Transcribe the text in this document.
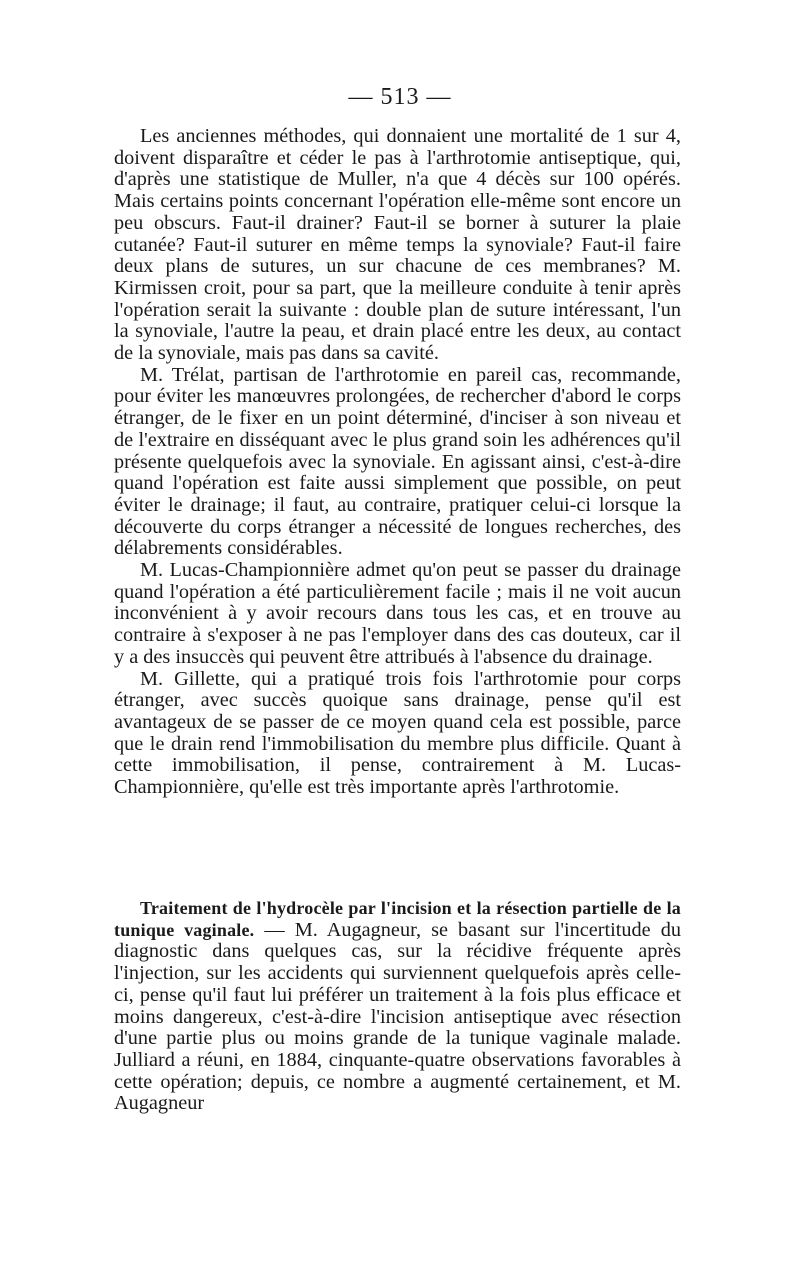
— 513 —

Les anciennes méthodes, qui donnaient une mortalité de 1 sur 4, doivent disparaître et céder le pas à l'arthrotomie antiseptique, qui, d'après une statistique de Muller, n'a que 4 décès sur 100 opérés. Mais certains points concernant l'opération elle-même sont encore un peu obscurs. Faut-il drainer? Faut-il se borner à suturer la plaie cutanée? Faut-il suturer en même temps la synoviale? Faut-il faire deux plans de sutures, un sur chacune de ces membranes? M. Kirmissen croit, pour sa part, que la meilleure conduite à tenir après l'opération serait la suivante : double plan de suture intéressant, l'un la synoviale, l'autre la peau, et drain placé entre les deux, au contact de la synoviale, mais pas dans sa cavité.

M. Trélat, partisan de l'arthrotomie en pareil cas, recommande, pour éviter les manœuvres prolongées, de rechercher d'abord le corps étranger, de le fixer en un point déterminé, d'inciser à son niveau et de l'extraire en disséquant avec le plus grand soin les adhérences qu'il présente quelquefois avec la synoviale. En agissant ainsi, c'est-à-dire quand l'opération est faite aussi simplement que possible, on peut éviter le drainage; il faut, au contraire, pratiquer celui-ci lorsque la découverte du corps étranger a nécessité de longues recherches, des délabrements considérables.

M. Lucas-Championnière admet qu'on peut se passer du drainage quand l'opération a été particulièrement facile ; mais il ne voit aucun inconvénient à y avoir recours dans tous les cas, et en trouve au contraire à s'exposer à ne pas l'employer dans des cas douteux, car il y a des insuccès qui peuvent être attribués à l'absence du drainage.

M. Gillette, qui a pratiqué trois fois l'arthrotomie pour corps étranger, avec succès quoique sans drainage, pense qu'il est avantageux de se passer de ce moyen quand cela est possible, parce que le drain rend l'immobilisation du membre plus difficile. Quant à cette immobilisation, il pense, contrairement à M. Lucas-Championnière, qu'elle est très importante après l'arthrotomie.

Traitement de l'hydrocèle par l'incision et la résection partielle de la tunique vaginale. — M. Augagneur, se basant sur l'incertitude du diagnostic dans quelques cas, sur la récidive fréquente après l'injection, sur les accidents qui surviennent quelquefois après celle-ci, pense qu'il faut lui préférer un traitement à la fois plus efficace et moins dangereux, c'est-à-dire l'incision antiseptique avec résection d'une partie plus ou moins grande de la tunique vaginale malade. Julliard a réuni, en 1884, cinquante-quatre observations favorables à cette opération; depuis, ce nombre a augmenté certainement, et M. Augagneur
